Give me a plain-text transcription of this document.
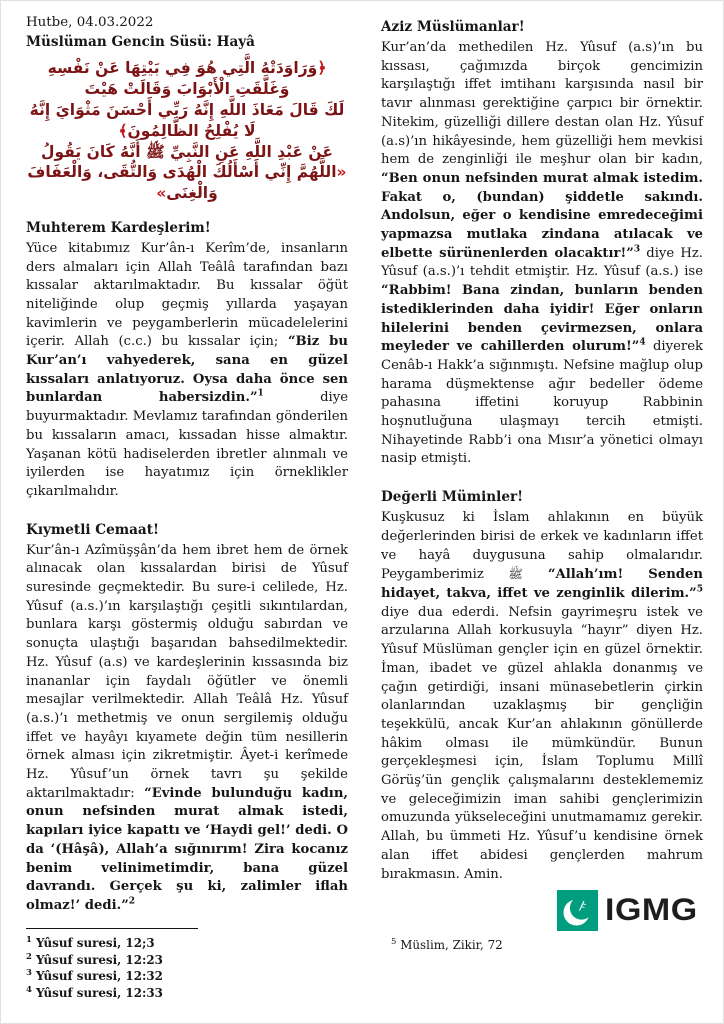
Hutbe, 04.03.2022
Müslüman Gencin Süsü: Hayâ
﴿وَرَاوَدَتْهُ الَّتِي هُوَ فِي بَيْتِهَا عَنْ نَفْسِهِ وَغَلَّقَتِ الْأَبْوَابَ وَقَالَتْ هَيْتَ
لَكَ قَالَ مَعَاذَ اللَّهِ إِنَّهُ رَبِّي أَحْسَنَ مَثْوَايَ إِنَّهُ لَا يُفْلِحُ الظَّالِمُونَ﴾
عَنْ عَبْدِ اللَّهِ عَنِ النَّبِيِّ ﷺ أَنَّهُ كَانَ يَقُولُ
«اللَّهُمَّ إِنِّي أَسْأَلُكَ الْهُدَى وَالتُّقَى، وَالْعَفَافَ وَالْغِنَى»
Muhterem Kardeşlerim!
Yüce kitabımız Kur’ân-ı Kerîm’de, insanların ders almaları için Allah Teâlâ tarafından bazı kıssalar aktarılmaktadır. Bu kıssalar öğüt niteliğinde olup geçmiş yıllarda yaşayan kavimlerin ve peygamberlerin mücadelelerini içerir. Allah (c.c.) bu kıssalar için; “Biz bu Kur’an’ı vahyederek, sana en güzel kıssaları anlatıyoruz. Oysa daha önce sen bunlardan habersizdin.”$^1$ diye buyurmaktadır. Mevlamız tarafından gönderilen bu kıssaların amacı, kıssadan hisse almaktır. Yaşanan kötü hadiselerden ibretler alınmalı ve iyilerden ise hayatımız için örneklikler çıkarılmalıdır.
Kıymetli Cemaat!
Kur’ân-ı Azîmüşşân’da hem ibret hem de örnek alınacak olan kıssalardan birisi de Yûsuf suresinde geçmektedir. Bu sure-i celilede, Hz. Yûsuf (a.s.)’ın karşılaştığı çeşitli sıkıntılardan, bunlara karşı göstermiş olduğu sabırdan ve sonuçta ulaştığı başarıdan bahsedilmektedir. Hz. Yûsuf (a.s) ve kardeşlerinin kıssasında biz inananlar için faydalı öğütler ve önemli mesajlar verilmektedir. Allah Teâlâ Hz. Yûsuf (a.s.)’ı methetmiş ve onun sergilemiş olduğu iffet ve hayâyı kıyamete değin tüm nesillerin örnek alması için zikretmiştir. Âyet-i kerîmede Hz. Yûsuf’un örnek tavrı şu şekilde aktarılmaktadır: “Evinde bulunduğu kadın, onun nefsinden murat almak istedi, kapıları iyice kapattı ve ‘Haydi gel!’ dedi. O da ‘(Hâşâ), Allah’a sığınırım! Zira kocanız benim velinimetimdir, bana güzel davrandı. Gerçek şu ki, zalimler iflah olmaz!’ dedi.”$^2$
Aziz Müslümanlar!
Kur’an’da methedilen Hz. Yûsuf (a.s)’ın bu kıssası, çağımızda birçok gencimizin karşılaştığı iffet imtihanı karşısında nasıl bir tavır alınması gerektiğine çarpıcı bir örnektir. Nitekim, güzelliği dillere destan olan Hz. Yûsuf (a.s)’ın hikâyesinde, hem güzelliği hem mevkisi hem de zenginliği ile meşhur olan bir kadın, “Ben onun nefsinden murat almak istedim. Fakat o, (bundan) şiddetle sakındı. Andolsun, eğer o kendisine emredeceğimi yapmazsa mutlaka zindana atılacak ve elbette sürünenlerden olacaktır!”$^3$ diye Hz. Yûsuf (a.s.)’ı tehdit etmiştir. Hz. Yûsuf (a.s.) ise “Rabbim! Bana zindan, bunların benden istediklerinden daha iyidir! Eğer onların hilelerini benden çevirmezsen, onlara meyleder ve cahillerden olurum!”$^4$ diyerek Cenâb-ı Hakk’a sığınmıştı. Nefsine mağlup olup harama düşmektense ağır bedeller ödeme pahasına iffetini koruyup Rabbinin hoşnutluğuna ulaşmayı tercih etmişti. Nihayetinde Rabb’i ona Mısır’a yönetici olmayı nasip etmişti.
Değerli Müminler!
Kuşkusuz ki İslam ahlakının en büyük değerlerinden birisi de erkek ve kadınların iffet ve hayâ duygusuna sahip olmalarıdır. Peygamberimiz ﷺ “Allah’ım! Senden hidayet, takva, iffet ve zenginlik dilerim.”$^5$ diye dua ederdi. Nefsin gayrimeşru istek ve arzularına Allah korkusuyla “hayır” diyen Hz. Yûsuf Müslüman gençler için en güzel örnektir. İman, ibadet ve güzel ahlakla donanmış ve çağın getirdiği, insani münasebetlerin çirkin olanlarından uzaklaşmış bir gençliğin teşekkülü, ancak Kur’an ahlakının gönüllerde hâkim olması ile mümkündür. Bunun gerçekleşmesi için, İslam Toplumu Millî Görüş’ün gençlik çalışmalarını desteklememiz ve geleceğimizin iman sahibi gençlerimizin omuzunda yükseleceğini unutmamamız gerekir. Allah, bu ümmeti Hz. Yûsuf’u kendisine örnek alan iffet abidesi gençlerden mahrum bırakmasın. Amin.
$^1$ Yûsuf suresi, 12;3
$^2$ Yûsuf suresi, 12:23
$^3$ Yûsuf suresi, 12:32
$^4$ Yûsuf suresi, 12:33
$^5$ Müslim, Zikir, 72
IGMG
